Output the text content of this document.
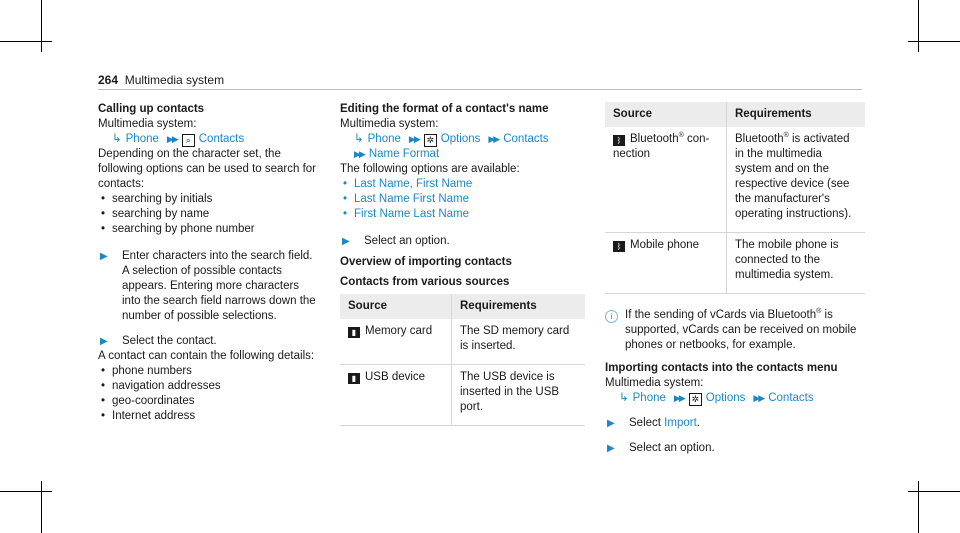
264 Multimedia system
Calling up contacts

Multimedia system:

↳ Phone ▶▶ ⌕ Contacts

Depending on the character set, the following options can be used to search for contacts:

• searching by initials
• searching by name
• searching by phone number
▶ Enter characters into the search field.
A selection of possible contacts appears. Entering more characters into the search field narrows down the number of possible selections.
▶ Select the contact.

A contact can contain the following details:

• phone numbers
• navigation addresses
• geo-coordinates
• Internet address
Editing the format of a contact's name

Multimedia system:

↳ Phone ▶▶ ✲ Options ▶▶ Contacts

▶▶ Name Format

The following options are available:

• Last Name, First Name
• Last Name First Name
• First Name Last Name
▶ Select an option.
Overview of importing contacts
Contacts from various sources
Source	Requirements
▮ Memory card	The SD memory card is inserted.
▮ USB device	The USB device is inserted in the USB port.
Source	Requirements
ᛒ Bluetooth® con-nection	Bluetooth® is activated in the multimedia system and on the respective device (see the manufacturer's operating instructions).
ᛒ Mobile phone	The mobile phone is connected to the multimedia system.
i	If the sending of vCards via Bluetooth® is supported, vCards can be received on mobile phones or netbooks, for example.
Importing contacts into the contacts menu

Multimedia system:

↳ Phone ▶▶ ✲ Options ▶▶ Contacts

▶ Select Import.
▶ Select an option.
